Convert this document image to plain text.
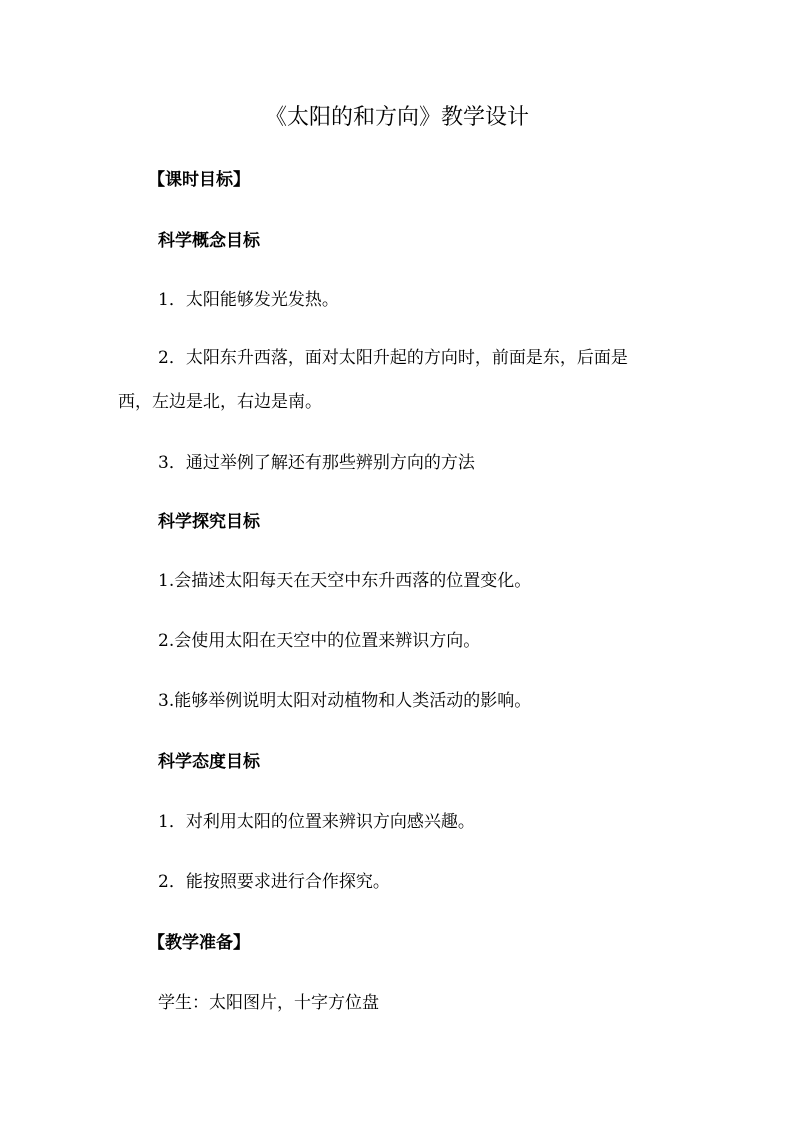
《太阳的和方向》教学设计
【课时目标】
科学概念目标
1．太阳能够发光发热。
2．太阳东升西落，面对太阳升起的方向时，前面是东，后面是
西，左边是北，右边是南。
3．通过举例了解还有那些辨别方向的方法
科学探究目标
1.会描述太阳每天在天空中东升西落的位置变化。
2.会使用太阳在天空中的位置来辨识方向。
3.能够举例说明太阳对动植物和人类活动的影响。
科学态度目标
1．对利用太阳的位置来辨识方向感兴趣。
2．能按照要求进行合作探究。
【教学准备】
学生：太阳图片，十字方位盘
